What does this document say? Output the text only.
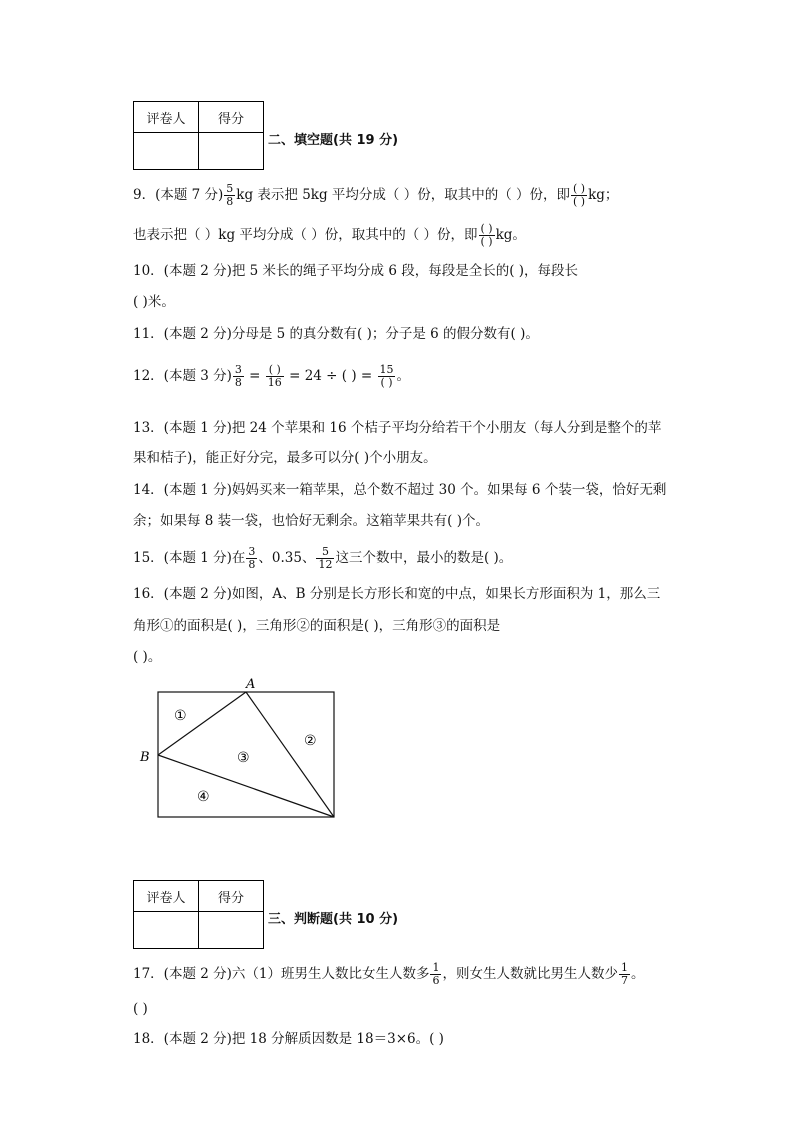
评卷人	得分

二、填空题(共 19 分)
9．(本题 7 分) $\frac{5}{8}$ kg 表示把 5kg 平均分成（ ）份，取其中的（ ）份，即 $\frac{( )}{( )}$ kg；
也表示把（ ）kg 平均分成（ ）份，取其中的（ ）份，即 $\frac{( )}{( )}$ kg。
10．(本题 2 分)把 5 米长的绳子平均分成 6 段，每段是全长的( )，每段长
( )米。
11．(本题 2 分)分母是 5 的真分数有( )；分子是 6 的假分数有( )。
12．(本题 3 分) $\frac{3}{8} = \frac{( )}{16} = 24$ ÷ ( ) = $\frac{15}{( )}$ 。
13．(本题 1 分)把 24 个苹果和 16 个桔子平均分给若干个小朋友（每人分到是整个的苹
果和桔子)，能正好分完，最多可以分( )个小朋友。
14．(本题 1 分)妈妈买来一箱苹果，总个数不超过 30 个。如果每 6 个装一袋，恰好无剩
余；如果每 8 装一袋，也恰好无剩余。这箱苹果共有( )个。
15．(本题 1 分)在 $\frac{3}{8}$ 、0.35、 $\frac{5}{12}$ 这三个数中，最小的数是( )。
16．(本题 2 分)如图，A、B 分别是长方形长和宽的中点，如果长方形面积为 1，那么三
角形①的面积是( )，三角形②的面积是( )，三角形③的面积是
( )。
A
B
①
②
③
④
评卷人	得分

三、判断题(共 10 分)
17．(本题 2 分)六（1）班男生人数比女生人数多 $\frac{1}{6}$ ，则女生人数就比男生人数少 $\frac{1}{7}$ 。
( )
18．(本题 2 分)把 18 分解质因数是 18＝3×6。( )
